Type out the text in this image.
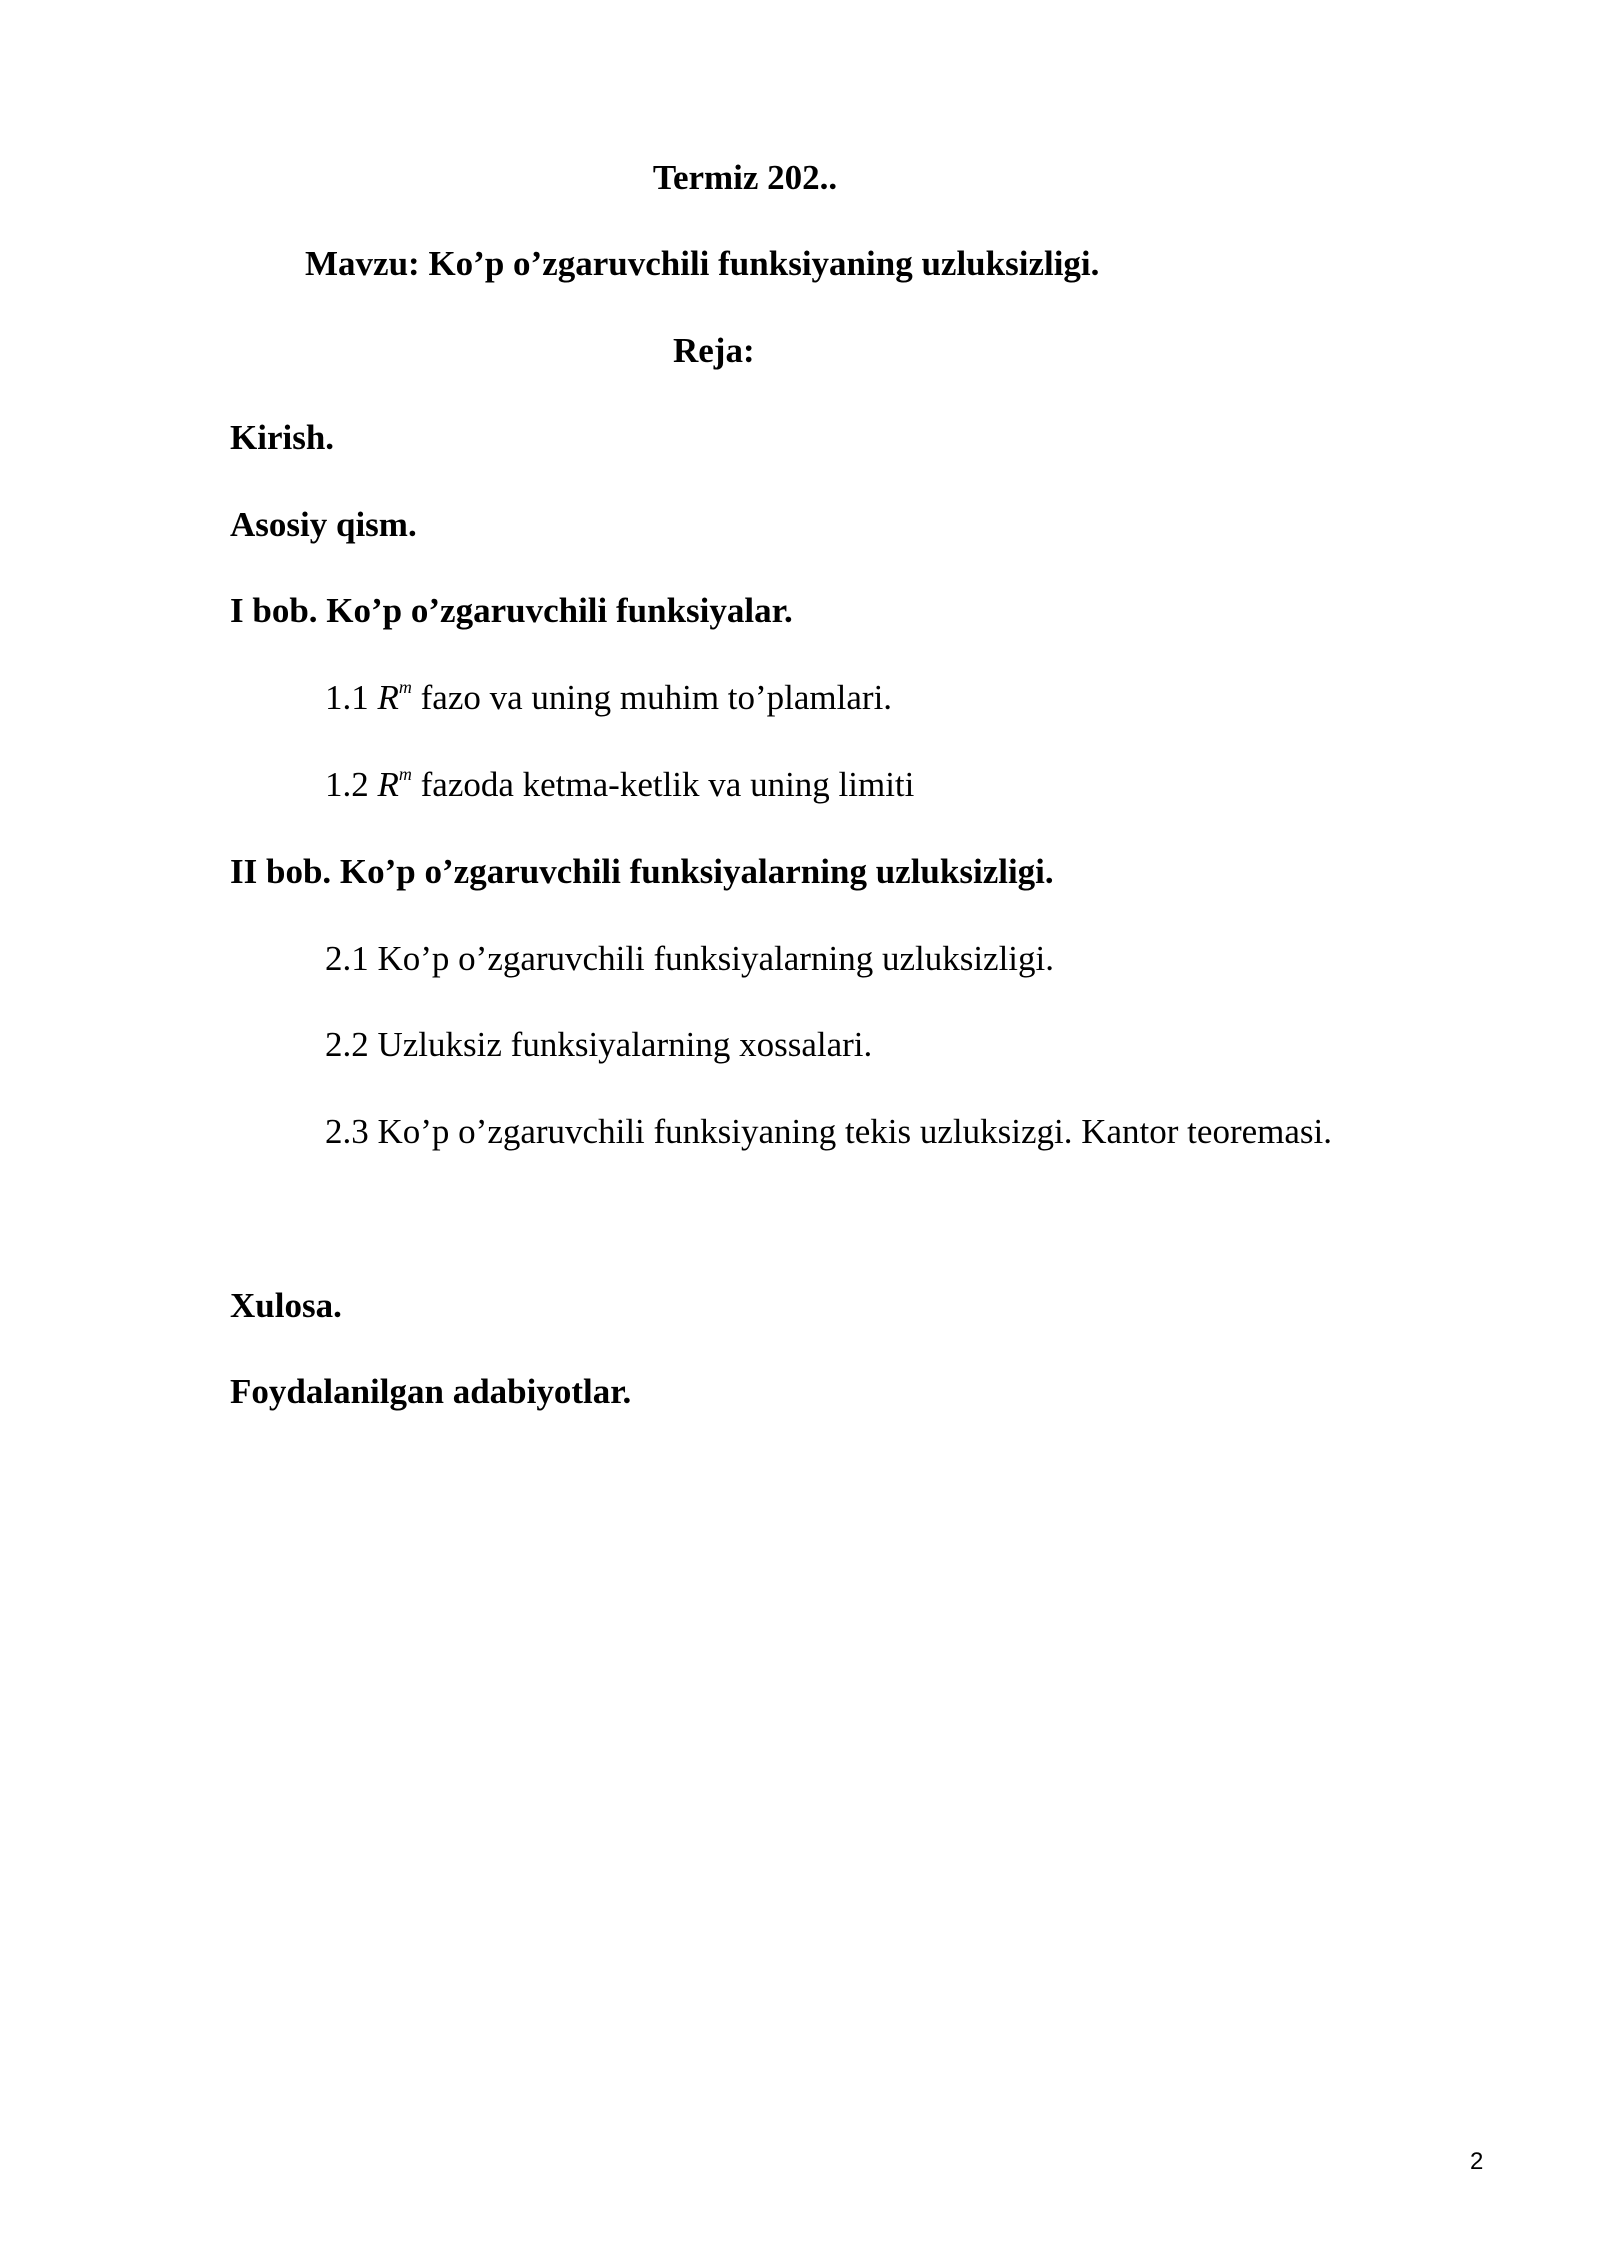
Termiz 202..
Mavzu: Ko’p o’zgaruvchili funksiyaning uzluksizligi.
Reja:
Kirish.
Asosiy qism.
I bob. Ko’p o’zgaruvchili funksiyalar.
1.1 $R^m$ fazo va uning muhim to’plamlari.
1.2 $R^m$ fazoda ketma-ketlik va uning limiti
II bob. Ko’p o’zgaruvchili funksiyalarning uzluksizligi.
2.1 Ko’p o’zgaruvchili funksiyalarning uzluksizligi.
2.2 Uzluksiz funksiyalarning xossalari.
2.3 Ko’p o’zgaruvchili funksiyaning tekis uzluksizgi. Kantor teoremasi.
Xulosa.
Foydalanilgan adabiyotlar.
2
